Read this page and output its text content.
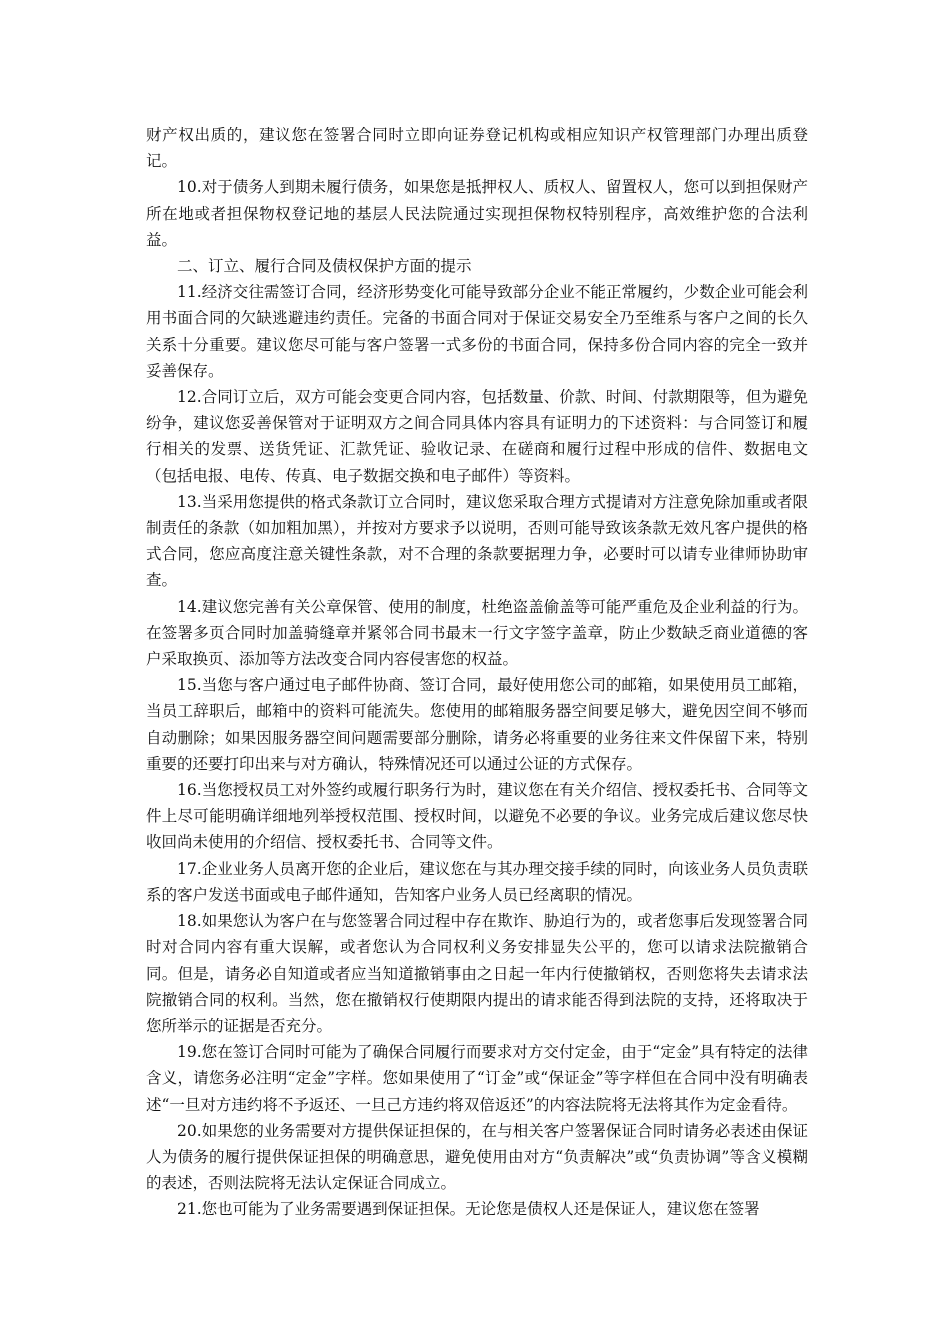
财产权出质的，建议您在签署合同时立即向证券登记机构或相应知识产权管理部门办理出质登记。

10.对于债务人到期未履行债务，如果您是抵押权人、质权人、留置权人，您可以到担保财产所在地或者担保物权登记地的基层人民法院通过实现担保物权特别程序，高效维护您的合法利益。

二、订立、履行合同及债权保护方面的提示

11.经济交往需签订合同，经济形势变化可能导致部分企业不能正常履约，少数企业可能会利用书面合同的欠缺逃避违约责任。完备的书面合同对于保证交易安全乃至维系与客户之间的长久关系十分重要。建议您尽可能与客户签署一式多份的书面合同，保持多份合同内容的完全一致并妥善保存。

12.合同订立后，双方可能会变更合同内容，包括数量、价款、时间、付款期限等，但为避免纷争，建议您妥善保管对于证明双方之间合同具体内容具有证明力的下述资料：与合同签订和履行相关的发票、送货凭证、汇款凭证、验收记录、在磋商和履行过程中形成的信件、数据电文（包括电报、电传、传真、电子数据交换和电子邮件）等资料。

13.当采用您提供的格式条款订立合同时，建议您采取合理方式提请对方注意免除加重或者限制责任的条款（如加粗加黑），并按对方要求予以说明，否则可能导致该条款无效凡客户提供的格式合同，您应高度注意关键性条款，对不合理的条款要据理力争，必要时可以请专业律师协助审查。

14.建议您完善有关公章保管、使用的制度，杜绝盗盖偷盖等可能严重危及企业利益的行为。在签署多页合同时加盖骑缝章并紧邻合同书最末一行文字签字盖章，防止少数缺乏商业道德的客户采取换页、添加等方法改变合同内容侵害您的权益。

15.当您与客户通过电子邮件协商、签订合同，最好使用您公司的邮箱，如果使用员工邮箱，当员工辞职后，邮箱中的资料可能流失。您使用的邮箱服务器空间要足够大，避免因空间不够而自动删除；如果因服务器空间问题需要部分删除，请务必将重要的业务往来文件保留下来，特别重要的还要打印出来与对方确认，特殊情况还可以通过公证的方式保存。

16.当您授权员工对外签约或履行职务行为时，建议您在有关介绍信、授权委托书、合同等文件上尽可能明确详细地列举授权范围、授权时间，以避免不必要的争议。业务完成后建议您尽快收回尚未使用的介绍信、授权委托书、合同等文件。

17.企业业务人员离开您的企业后，建议您在与其办理交接手续的同时，向该业务人员负责联系的客户发送书面或电子邮件通知，告知客户业务人员已经离职的情况。

18.如果您认为客户在与您签署合同过程中存在欺诈、胁迫行为的，或者您事后发现签署合同时对合同内容有重大误解，或者您认为合同权利义务安排显失公平的，您可以请求法院撤销合同。但是，请务必自知道或者应当知道撤销事由之日起一年内行使撤销权，否则您将失去请求法院撤销合同的权利。当然，您在撤销权行使期限内提出的请求能否得到法院的支持，还将取决于您所举示的证据是否充分。

19.您在签订合同时可能为了确保合同履行而要求对方交付定金，由于“定金”具有特定的法律含义，请您务必注明“定金”字样。您如果使用了“订金”或“保证金”等字样但在合同中没有明确表述“一旦对方违约将不予返还、一旦己方违约将双倍返还”的内容法院将无法将其作为定金看待。

20.如果您的业务需要对方提供保证担保的，在与相关客户签署保证合同时请务必表述由保证人为债务的履行提供保证担保的明确意思，避免使用由对方“负责解决”或“负责协调”等含义模糊的表述，否则法院将无法认定保证合同成立。

21.您也可能为了业务需要遇到保证担保。无论您是债权人还是保证人，建议您在签署
